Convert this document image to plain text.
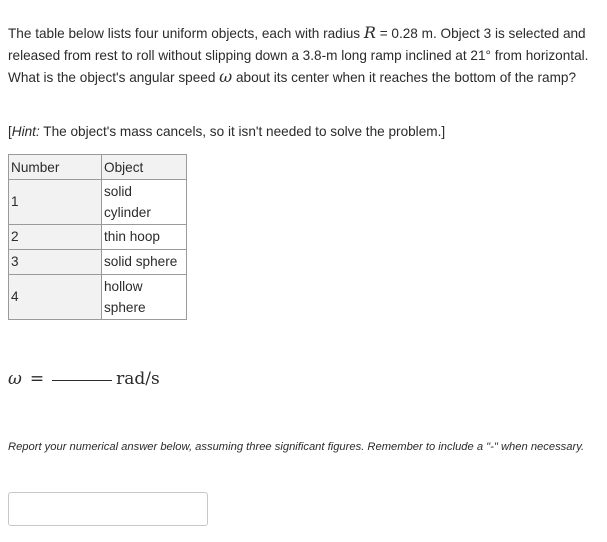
The table below lists four uniform objects, each with radius R = 0.28 m. Object 3 is selected and released from rest to roll without slipping down a 3.8-m long ramp inclined at 21° from horizontal. What is the object's angular speed ω about its center when it reaches the bottom of the ramp?
[Hint: The object's mass cancels, so it isn't needed to solve the problem.]
Number	Object
1	solid
cylinder

2	thin hoop
3	solid sphere
4	hollow
sphere
ω =	rad/s
Report your numerical answer below, assuming three significant figures. Remember to include a "-" when necessary.
